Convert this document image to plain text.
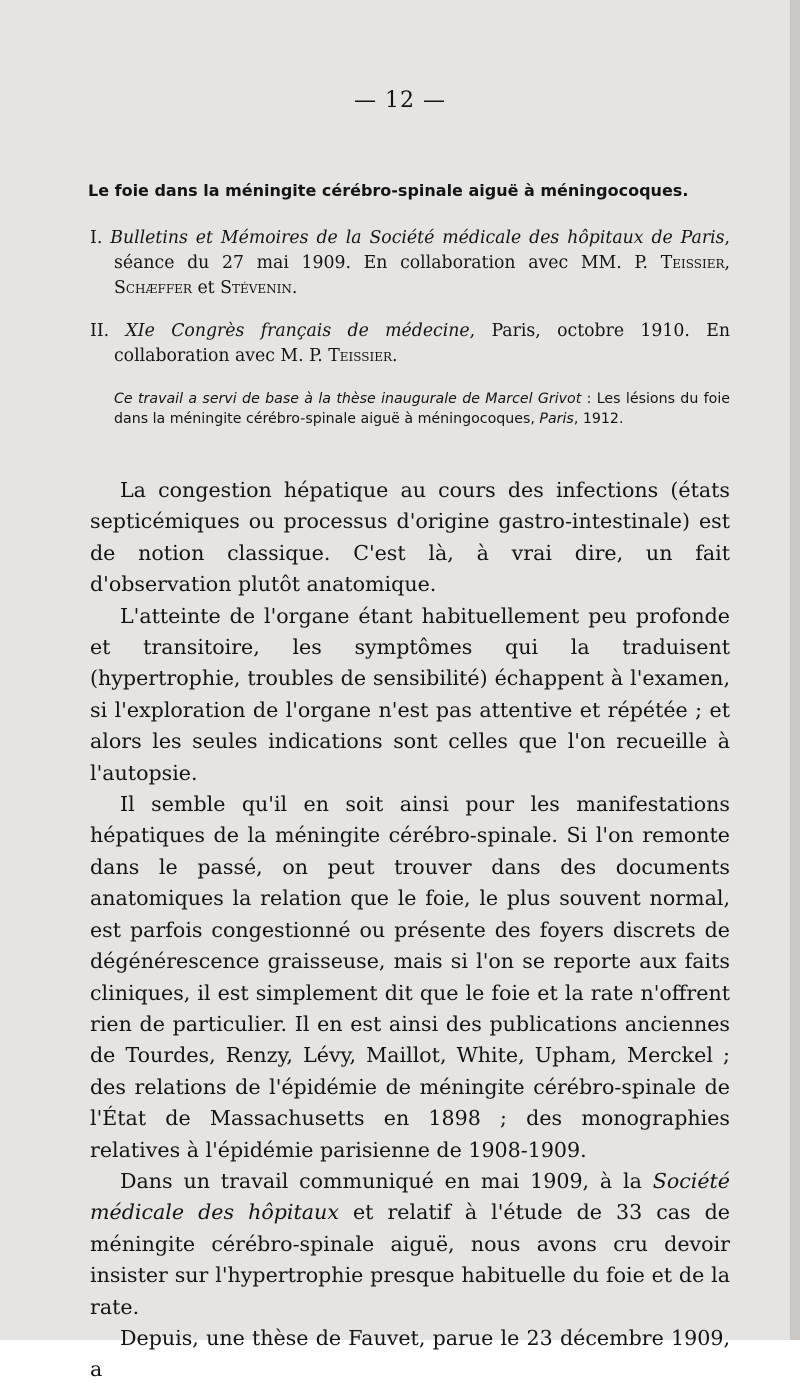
— 12 —
Le foie dans la méningite cérébro-spinale aiguë à méningocoques.

I. Bulletins et Mémoires de la Société médicale des hôpitaux de Paris, séance du 27 mai 1909. En collaboration avec MM. P. Teissier, Schæffer et Stévenin.

II. XIe Congrès français de médecine, Paris, octobre 1910. En collaboration avec M. P. Teissier.

Ce travail a servi de base à la thèse inaugurale de Marcel Grivot : Les lésions du foie dans la méningite cérébro-spinale aiguë à méningocoques, Paris, 1912.

La congestion hépatique au cours des infections (états septicémiques ou processus d'origine gastro-intestinale) est de notion classique. C'est là, à vrai dire, un fait d'observation plutôt anatomique.

L'atteinte de l'organe étant habituellement peu profonde et transitoire, les symptômes qui la traduisent (hypertrophie, troubles de sensibilité) échappent à l'examen, si l'exploration de l'organe n'est pas attentive et répétée ; et alors les seules indications sont celles que l'on recueille à l'autopsie.

Il semble qu'il en soit ainsi pour les manifestations hépatiques de la méningite cérébro-spinale. Si l'on remonte dans le passé, on peut trouver dans des documents anatomiques la relation que le foie, le plus souvent normal, est parfois congestionné ou présente des foyers discrets de dégénérescence graisseuse, mais si l'on se reporte aux faits cliniques, il est simplement dit que le foie et la rate n'offrent rien de particulier. Il en est ainsi des publications anciennes de Tourdes, Renzy, Lévy, Maillot, White, Upham, Merckel ; des relations de l'épidémie de méningite cérébro-spinale de l'État de Massachusetts en 1898 ; des monographies relatives à l'épidémie parisienne de 1908-1909.

Dans un travail communiqué en mai 1909, à la Société médicale des hôpitaux et relatif à l'étude de 33 cas de méningite cérébro-spinale aiguë, nous avons cru devoir insister sur l'hypertrophie presque habituelle du foie et de la rate.

Depuis, une thèse de Fauvet, parue le 23 décembre 1909, a
